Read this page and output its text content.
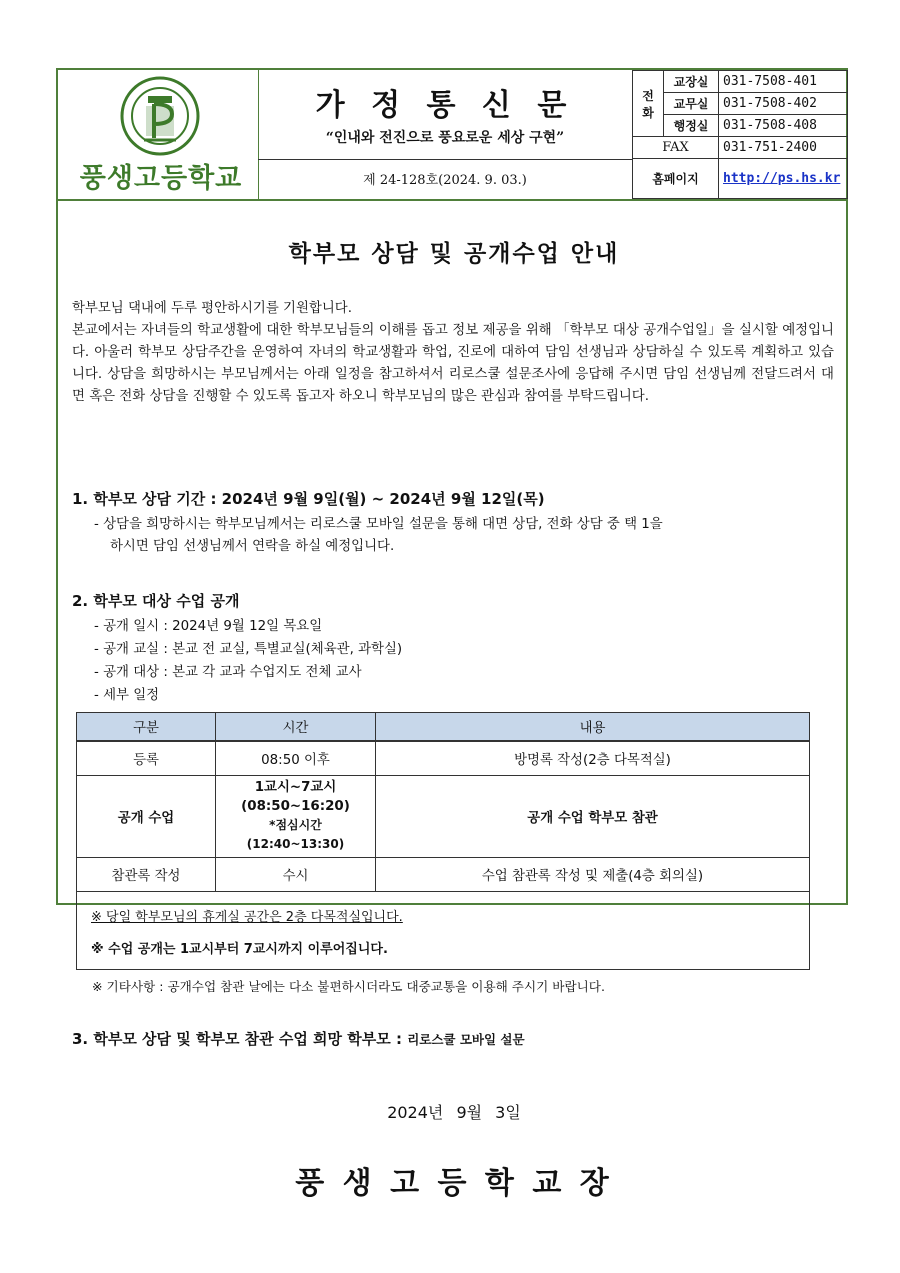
풍생고등학교
가 정 통 신 문
“인내와 전진으로 풍요로운 세상 구현”
제 24-128호(2024. 9. 03.)
전화	교장실	031-7508-401
	교무실	031-7508-402
	행정실	031-7508-408
FAX		031-751-2400
홈페이지		http://ps.hs.kr
학부모 상담 및 공개수업 안내

학부모님 댁내에 두루 평안하시기를 기원합니다.

본교에서는 자녀들의 학교생활에 대한 학부모님들의 이해를 돕고 정보 제공을 위해 「학부모 대상 공개수업일」을 실시할 예정입니다. 아울러 학부모 상담주간을 운영하여 자녀의 학교생활과 학업, 진로에 대하여 담임 선생님과 상담하실 수 있도록 계획하고 있습니다. 상담을 희망하시는 부모님께서는 아래 일정을 참고하셔서 리로스쿨 설문조사에 응답해 주시면 담임 선생님께 전달드려서 대면 혹은 전화 상담을 진행할 수 있도록 돕고자 하오니 학부모님의 많은 관심과 참여를 부탁드립니다.

1. 학부모 상담 기간 : 2024년 9월 9일(월) ~ 2024년 9월 12일(목)
- 상담을 희망하시는 학부모님께서는 리로스쿨 모바일 설문을 통해 대면 상담, 전화 상담 중 택 1을
하시면 담임 선생님께서 연락을 하실 예정입니다.
2. 학부모 대상 수업 공개
- 공개 일시 : 2024년 9월 12일 목요일
- 공개 교실 : 본교 전 교실, 특별교실(체육관, 과학실)
- 공개 대상 : 본교 각 교과 수업지도 전체 교사
- 세부 일정
구분	시간	내용
등록	08:50 이후	방명록 작성(2층 다목적실)
공개 수업	1교시~7교시
(08:50~16:20)
*점심시간
(12:40~13:30)	공개 수업 학부모 참관
참관록 작성	수시	수업 참관록 작성 및 제출(4층 회의실)
※ 당일 학부모님의 휴게실 공간은 2층 다목적실입니다.
※ 수업 공개는 1교시부터 7교시까지 이루어집니다.
※ 기타사항 : 공개수업 참관 날에는 다소 불편하시더라도 대중교통을 이용해 주시기 바랍니다.
3. 학부모 상담 및 학부모 참관 수업 희망 학부모 : 리로스쿨 모바일 설문
2024년 9월 3일
풍 생 고 등 학 교 장
